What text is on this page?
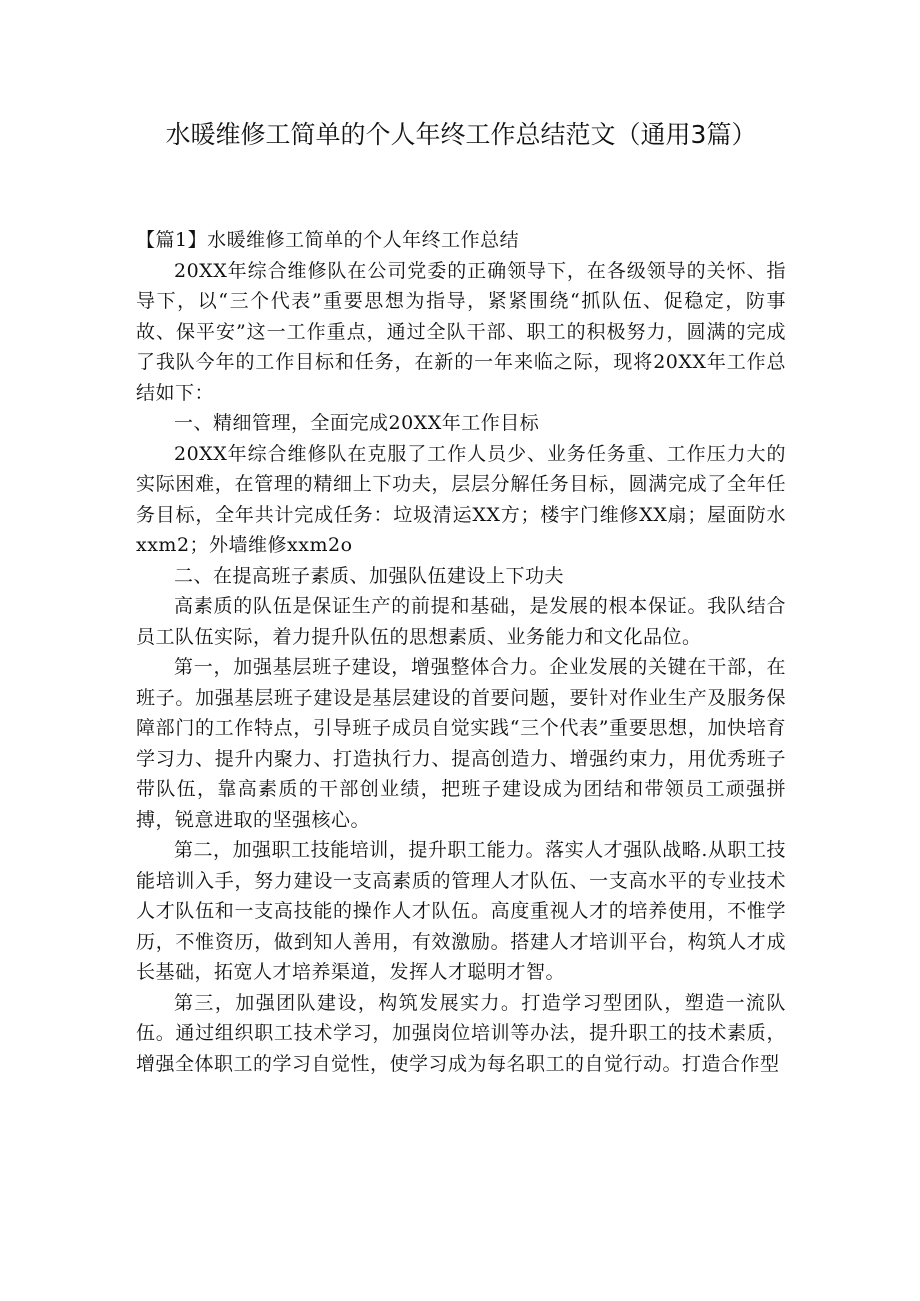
水暖维修工简单的个人年终工作总结范文（通用3篇）

【篇1】水暖维修工简单的个人年终工作总结

20XX年综合维修队在公司党委的正确领导下，在各级领导的关怀、指导下，以“三个代表”重要思想为指导，紧紧围绕“抓队伍、促稳定，防事故、保平安”这一工作重点，通过全队干部、职工的积极努力，圆满的完成了我队今年的工作目标和任务，在新的一年来临之际，现将20XX年工作总结如下：

一、精细管理，全面完成20XX年工作目标

20XX年综合维修队在克服了工作人员少、业务任务重、工作压力大的实际困难，在管理的精细上下功夫，层层分解任务目标，圆满完成了全年任务目标，全年共计完成任务：垃圾清运XX方；楼宇门维修XX扇；屋面防水xxm2；外墙维修xxm2o

二、在提高班子素质、加强队伍建设上下功夫

高素质的队伍是保证生产的前提和基础，是发展的根本保证。我队结合员工队伍实际，着力提升队伍的思想素质、业务能力和文化品位。

第一，加强基层班子建设，增强整体合力。企业发展的关键在干部，在班子。加强基层班子建设是基层建设的首要问题，要针对作业生产及服务保障部门的工作特点，引导班子成员自觉实践“三个代表”重要思想，加快培育学习力、提升内聚力、打造执行力、提高创造力、增强约束力，用优秀班子带队伍，靠高素质的干部创业绩，把班子建设成为团结和带领员工顽强拼搏，锐意进取的坚强核心。

第二，加强职工技能培训，提升职工能力。落实人才强队战略.从职工技能培训入手，努力建设一支高素质的管理人才队伍、一支高水平的专业技术人才队伍和一支高技能的操作人才队伍。高度重视人才的培养使用，不惟学历，不惟资历，做到知人善用，有效激励。搭建人才培训平台，构筑人才成长基础，拓宽人才培养渠道，发挥人才聪明才智。

第三，加强团队建设，构筑发展实力。打造学习型团队，塑造一流队伍。通过组织职工技术学习，加强岗位培训等办法，提升职工的技术素质，增强全体职工的学习自觉性，使学习成为每名职工的自觉行动。打造合作型
